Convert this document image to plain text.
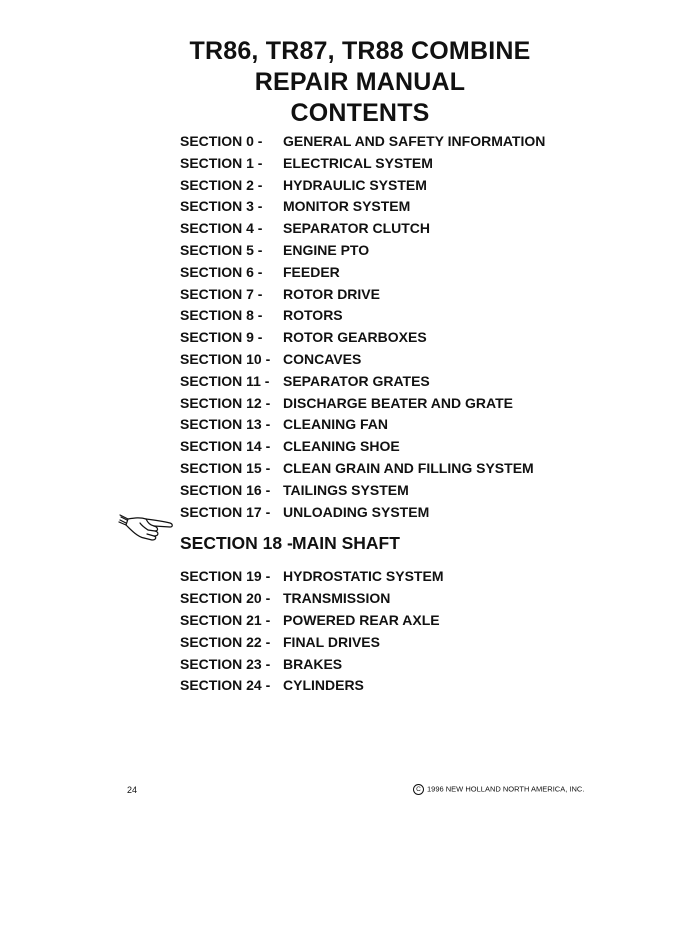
TR86, TR87, TR88 COMBINE
REPAIR MANUAL
CONTENTS
SECTION 0 - GENERAL AND SAFETY INFORMATION
SECTION 1 - ELECTRICAL SYSTEM
SECTION 2 - HYDRAULIC SYSTEM
SECTION 3 - MONITOR SYSTEM
SECTION 4 - SEPARATOR CLUTCH
SECTION 5 - ENGINE PTO
SECTION 6 - FEEDER
SECTION 7 - ROTOR DRIVE
SECTION 8 - ROTORS
SECTION 9 - ROTOR GEARBOXES
SECTION 10 - CONCAVES
SECTION 11 - SEPARATOR GRATES
SECTION 12 - DISCHARGE BEATER AND GRATE
SECTION 13 - CLEANING FAN
SECTION 14 - CLEANING SHOE
SECTION 15 - CLEAN GRAIN AND FILLING SYSTEM
SECTION 16 - TAILINGS SYSTEM
SECTION 17 - UNLOADING SYSTEM
SECTION 18 - MAIN SHAFT
SECTION 19 - HYDROSTATIC SYSTEM
SECTION 20 - TRANSMISSION
SECTION 21 - POWERED REAR AXLE
SECTION 22 - FINAL DRIVES
SECTION 23 - BRAKES
SECTION 24 - CYLINDERS
24	C 1996 NEW HOLLAND NORTH AMERICA, INC.
